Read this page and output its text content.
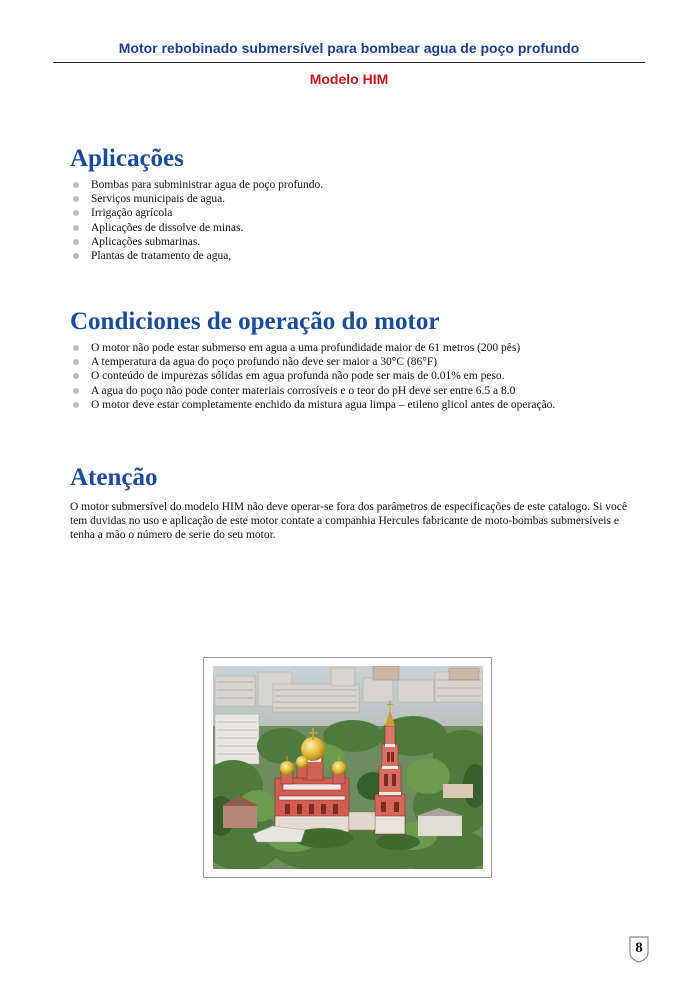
Motor rebobinado submersível para bombear agua de poço profundo
Modelo HIM
Aplicações
Bombas para subministrar agua de poço profundo.
Serviços municipais de agua.
Irrigação agrícola
Aplicações de dissolve de minas.
Aplicações submarinas.
Plantas de tratamento de agua,
Condiciones de operação do motor
O motor não pode estar submerso em agua a uma profundidade maior de 61 metros (200 pês)
A temperatura da agua do poço profundo não deve ser maior a 30°C (86°F)
O conteúdo de impurezas sólidas em agua profunda não pode ser mais de 0.01% em peso.
A agua do poço não pode conter materiais corrosíveis e o teor do pH deve ser entre 6.5 a 8.0
O motor deve estar completamente enchido da mistura agua limpa – etileno glicol antes de operação.
Atenção

O motor submersível do modelo HIM não deve operar-se fora dos parâmetros de especificações de este catalogo. Si você tem duvidas no uso e aplicação de este motor contate a companhia Hercules fabricante de moto-bombas submersíveis e tenha a mão o número de serie do seu motor.

8
